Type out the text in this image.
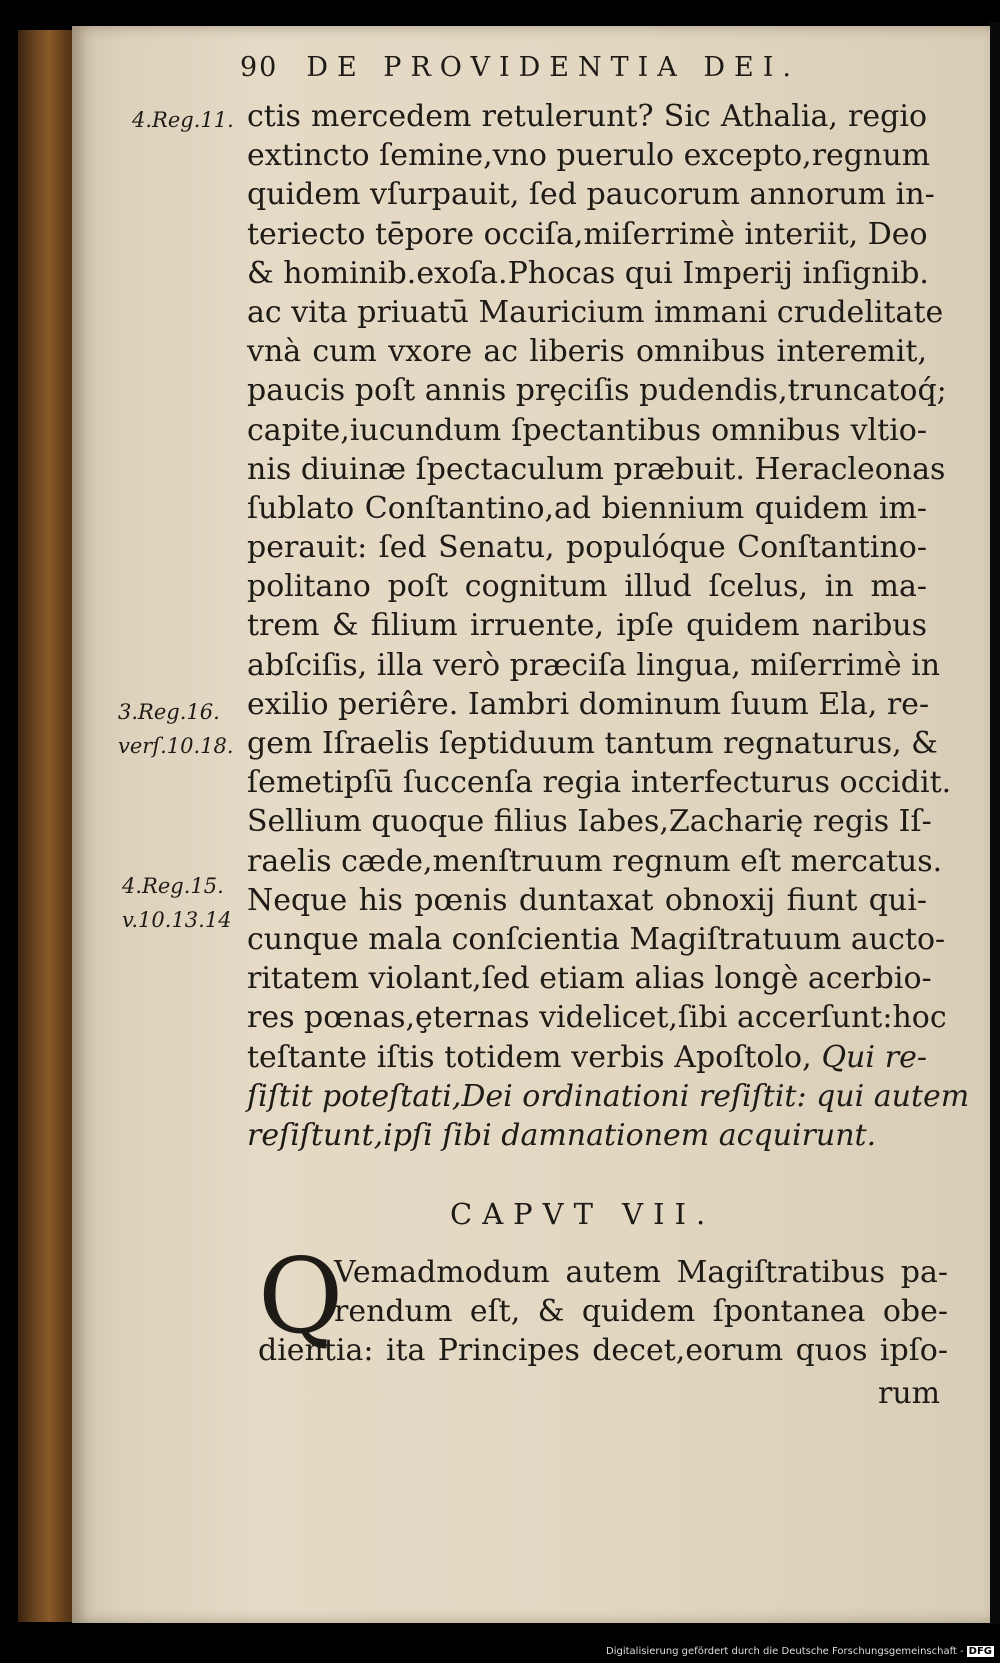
90 DE PROVIDENTIA DEI.
4.Reg.11.
3.Reg.16.
verſ.10.18.
4.Reg.15.
v.10.13.14
ctis mercedem retulerunt? Sic Athalia, regio
extincto ſemine,vno puerulo excepto,regnum
quidem vſurpauit, ſed paucorum annorum in-
teriecto tēpore occiſa,miſerrimè interiit, Deo
& hominib.exoſa.Phocas qui Imperij inſignib.
ac vita priuatū Mauricium immani crudelitate
vnà cum vxore ac liberis omnibus interemit,
paucis poſt annis prȩciſis pudendis,truncatoq́;
capite,iucundum ſpectantibus omnibus vltio-
nis diuinæ ſpectaculum præbuit. Heracleonas
ſublato Conſtantino,ad biennium quidem im-
perauit: ſed Senatu, populóque Conſtantino-
politano poſt cognitum illud ſcelus, in ma-
trem & filium irruente, ipſe quidem naribus
abſciſis, illa verò præciſa lingua, miſerrimè in
exilio periêre. Iambri dominum ſuum Ela, re-
gem Iſraelis ſeptiduum tantum regnaturus, &
ſemetipſū ſuccenſa regia interfecturus occidit.
Sellium quoque filius Iabes,Zacharię regis Iſ-
raelis cæde,menſtruum regnum eſt mercatus.
Neque his pœnis duntaxat obnoxij fiunt qui-
cunque mala conſcientia Magiſtratuum aucto-
ritatem violant,ſed etiam alias longè acerbio-
res pœnas,ȩternas videlicet,ſibi accerſunt:hoc
teſtante iſtis totidem verbis Apoſtolo, Qui re-
ſiſtit poteſtati,Dei ordinationi reſiſtit: qui autem
reſiſtunt,ipſi ſibi damnationem acquirunt.
CAPVT VII.
Q
Vemadmodum autem Magiſtratibus pa-
rendum eſt, & quidem ſpontanea obe-
dientia: ita Principes decet,eorum quos ipſo-
rum
Digitalisierung gefördert durch die Deutsche Forschungsgemeinschaft - DFG
